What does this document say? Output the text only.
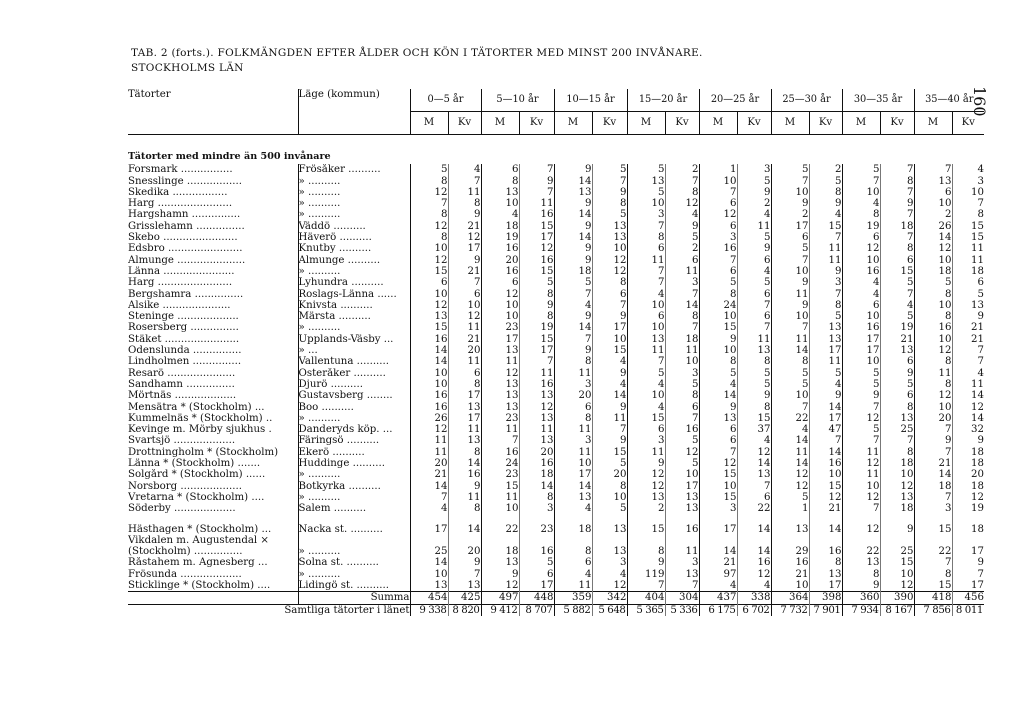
TAB. 2 (forts.). FOLKMÄNGDEN EFTER ÅLDER OCH KÖN I TÄTORTER MED MINST 200 INVÅNARE.
STOCKHOLMS LÄN
160
Tätorter	Läge (kommun)	0—5 år		5—10 år		10—15 år		15—20 år		20—25 år		25—30 år		30—35 år		35—40 år	
		M	Kv	M	Kv	M	Kv	M	Kv	M	Kv	M	Kv	M	Kv	M	Kv
Tätorter med mindre än 500 invånare																	
Forsmark ................	Frösåker ..........	5	4	6	7	9	5	5	2	1	3	5	2	5	7	7	4
Snesslinge .................	» ..........	8	7	8	9	14	7	13	7	10	5	7	5	7	8	13	3
Skedika .................	» ..........	12	11	13	7	13	9	5	8	7	9	10	8	10	7	6	10
Harg .......................	» ..........	7	8	10	11	9	8	10	12	6	2	9	9	4	9	10	7
Hargshamn ...............	» ..........	8	9	4	16	14	5	3	4	12	4	2	4	8	7	2	8
Grisslehamn ...............	Väddö ..........	12	21	18	15	9	13	7	9	6	11	17	15	19	18	26	15
Skebo .......................	Häverö ..........	8	12	19	17	14	13	8	5	3	5	6	7	6	7	14	15
Edsbro .......................	Knutby ..........	10	17	16	12	9	10	6	2	16	9	5	11	12	8	12	11
Almunge .....................	Almunge ..........	12	9	20	16	9	12	11	6	7	6	7	11	10	6	10	11
Länna ......................	» ..........	15	21	16	15	18	12	7	11	6	4	10	9	16	15	18	18
Harg .......................	Lyhundra ..........	6	7	6	5	5	8	7	3	5	5	9	3	4	5	5	6
Bergshamra ...............	Roslags-Länna ......	10	6	12	8	7	6	4	7	8	6	11	7	4	7	8	5
Alsike .....................	Knivsta ..........	12	10	10	9	4	7	10	14	24	7	9	8	6	4	10	13
Steninge ...................	Märsta ..........	13	12	10	8	9	9	6	8	10	6	10	5	10	5	8	9
Rosersberg ...............	» ..........	15	11	23	19	14	17	10	7	15	7	7	13	16	19	16	21
Stäket .......................	Upplands-Väsby ...	16	21	17	15	7	10	13	18	9	11	11	13	17	21	10	21
Odenslunda ...............	» ...	14	20	13	17	9	15	11	11	10	13	14	17	17	13	12	7
Lindholmen ...............	Vallentuna ..........	14	11	11	7	8	4	7	10	8	8	8	11	10	6	8	7
Resarö .....................	Österåker ..........	10	6	12	11	11	9	5	3	5	5	5	5	5	9	11	4
Sandhamn ...............	Djurö ..........	10	8	13	16	3	4	4	5	4	5	5	4	5	5	8	11
Mörtnäs ...................	Gustavsberg ........	16	17	13	13	20	14	10	8	14	9	10	9	9	6	12	14
Mensätra * (Stockholm) ...	Boo ..........	16	13	13	12	6	9	4	6	9	8	7	14	7	8	10	12
Kummelnäs * (Stockholm) ..	» ..........	26	17	23	13	8	11	15	7	13	15	22	17	12	13	20	14
Kevinge m. Mörby sjukhus .	Danderyds köp. ...	12	11	11	11	11	7	6	16	6	37	4	47	5	25	7	32
Svartsjö ...................	Färingsö ..........	11	13	7	13	3	9	3	5	6	4	14	7	7	7	9	9
Drottningholm * (Stockholm)	Ekerö ..........	11	8	16	20	11	15	11	12	7	12	11	14	11	8	7	18
Länna * (Stockholm) .......	Huddinge ..........	20	14	24	16	10	5	9	5	12	14	14	16	12	18	21	18
Solgård * (Stockholm) ......	» ..........	21	16	23	18	17	20	12	10	15	13	12	10	11	10	14	20
Norsborg ...................	Botkyrka ..........	14	9	15	14	14	8	12	17	10	7	12	15	10	12	18	18
Vretarna * (Stockholm) ....	» ..........	7	11	11	8	13	10	13	13	15	6	5	12	12	13	7	12
Söderby ...................	Salem ..........	4	8	10	3	4	5	2	13	3	22	1	21	7	18	3	19

Hästhagen * (Stockholm) ...	Nacka st. ..........	17	14	22	23	18	13	15	16	17	14	13	14	12	9	15	18
Vikdalen m. Augustendal ×																	
(Stockholm) ...............	» ..........	25	20	18	16	8	13	8	11	14	14	29	16	22	25	22	17
Råstahem m. Agnesberg ...	Solna st. ..........	14	9	13	5	6	3	9	3	21	16	16	8	13	15	7	9
Frösunda ...................	» ..........	10	7	9	6	4	4	119	13	97	12	21	13	8	10	8	7
Sticklinge * (Stockholm) ....	Lidingö st. ..........	13	13	12	17	11	12	7	7	4	4	10	17	9	12	15	17
	Summa	454	425	497	448	359	342	404	304	437	338	364	398	360	390	418	456
Samtliga tätorter i länet		9 338	8 820	9 412	8 707	5 882	5 648	5 365	5 336	6 175	6 702	7 732	7 901	7 934	8 167	7 856	8 011
